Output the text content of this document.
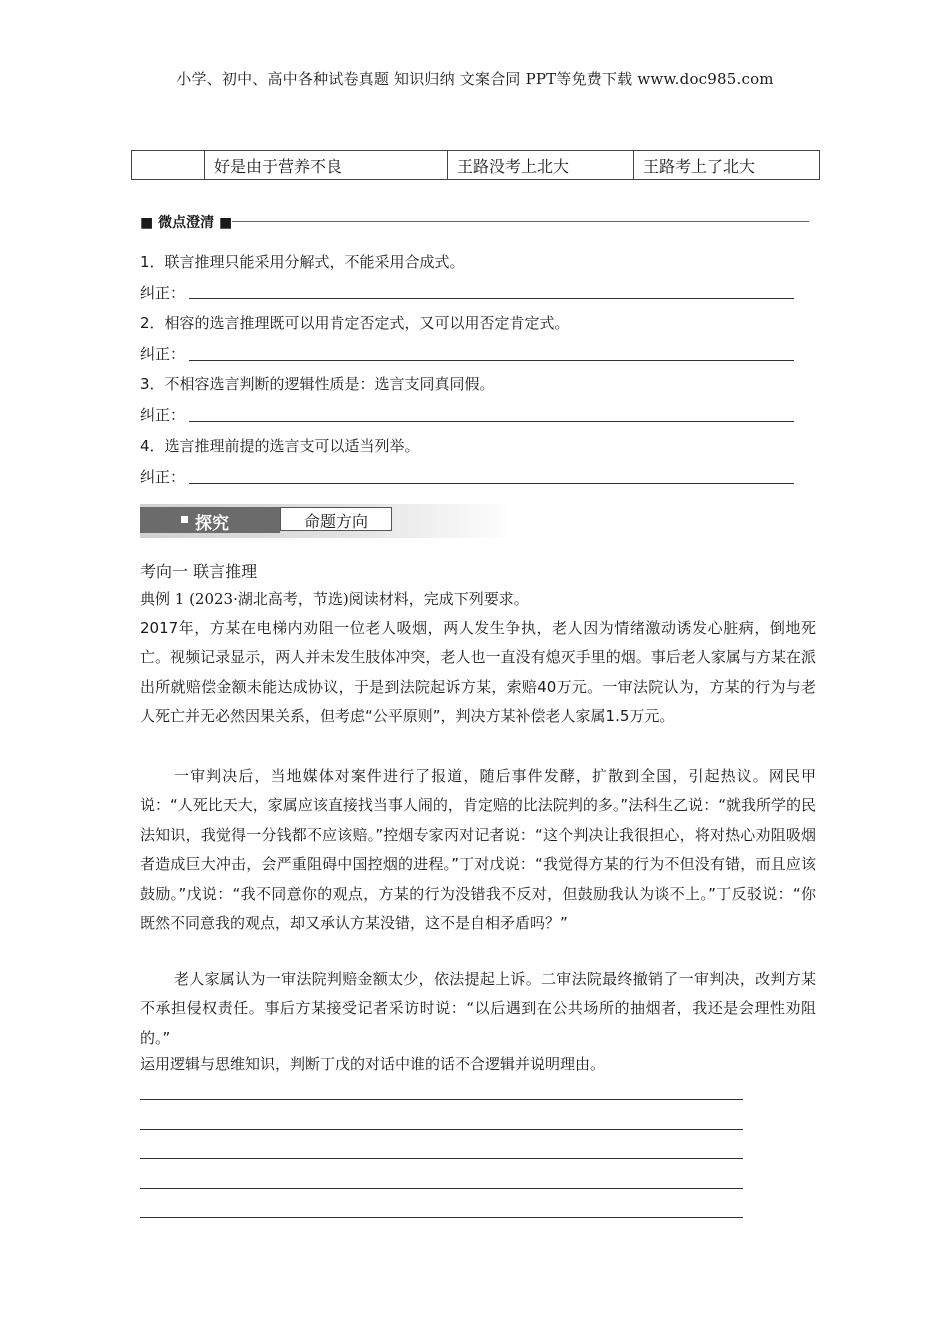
小学、初中、高中各种试卷真题 知识归纳 文案合同 PPT等免费下载 www.doc985.com
	好是由于营养不良	王路没考上北大	王路考上了北大
■ 微点澄清 ■
1．联言推理只能采用分解式，不能采用合成式。
纠正：
2．相容的选言推理既可以用肯定否定式，又可以用否定肯定式。
纠正：
3．不相容选言判断的逻辑性质是：选言支同真同假。
纠正：
4．选言推理前提的选言支可以适当列举。
纠正：
探究	命题方向
考向一 联言推理
典例 1 (2023·湖北高考，节选)阅读材料，完成下列要求。
2017年，方某在电梯内劝阻一位老人吸烟，两人发生争执，老人因为情绪激动诱发心脏病，倒地死亡。视频记录显示，两人并未发生肢体冲突，老人也一直没有熄灭手里的烟。事后老人家属与方某在派出所就赔偿金额未能达成协议，于是到法院起诉方某，索赔40万元。一审法院认为，方某的行为与老人死亡并无必然因果关系，但考虑“公平原则”，判决方某补偿老人家属1.5万元。
一审判决后，当地媒体对案件进行了报道，随后事件发酵，扩散到全国，引起热议。网民甲说：“人死比天大，家属应该直接找当事人闹的，肯定赔的比法院判的多。”法科生乙说：“就我所学的民法知识，我觉得一分钱都不应该赔。”控烟专家丙对记者说：“这个判决让我很担心，将对热心劝阻吸烟者造成巨大冲击，会严重阻碍中国控烟的进程。”丁对戊说：“我觉得方某的行为不但没有错，而且应该鼓励。”戊说：“我不同意你的观点，方某的行为没错我不反对，但鼓励我认为谈不上。”丁反驳说：“你既然不同意我的观点，却又承认方某没错，这不是自相矛盾吗？”
老人家属认为一审法院判赔金额太少，依法提起上诉。二审法院最终撤销了一审判决，改判方某不承担侵权责任。事后方某接受记者采访时说：“以后遇到在公共场所的抽烟者，我还是会理性劝阻的。”
运用逻辑与思维知识，判断丁戊的对话中谁的话不合逻辑并说明理由。
